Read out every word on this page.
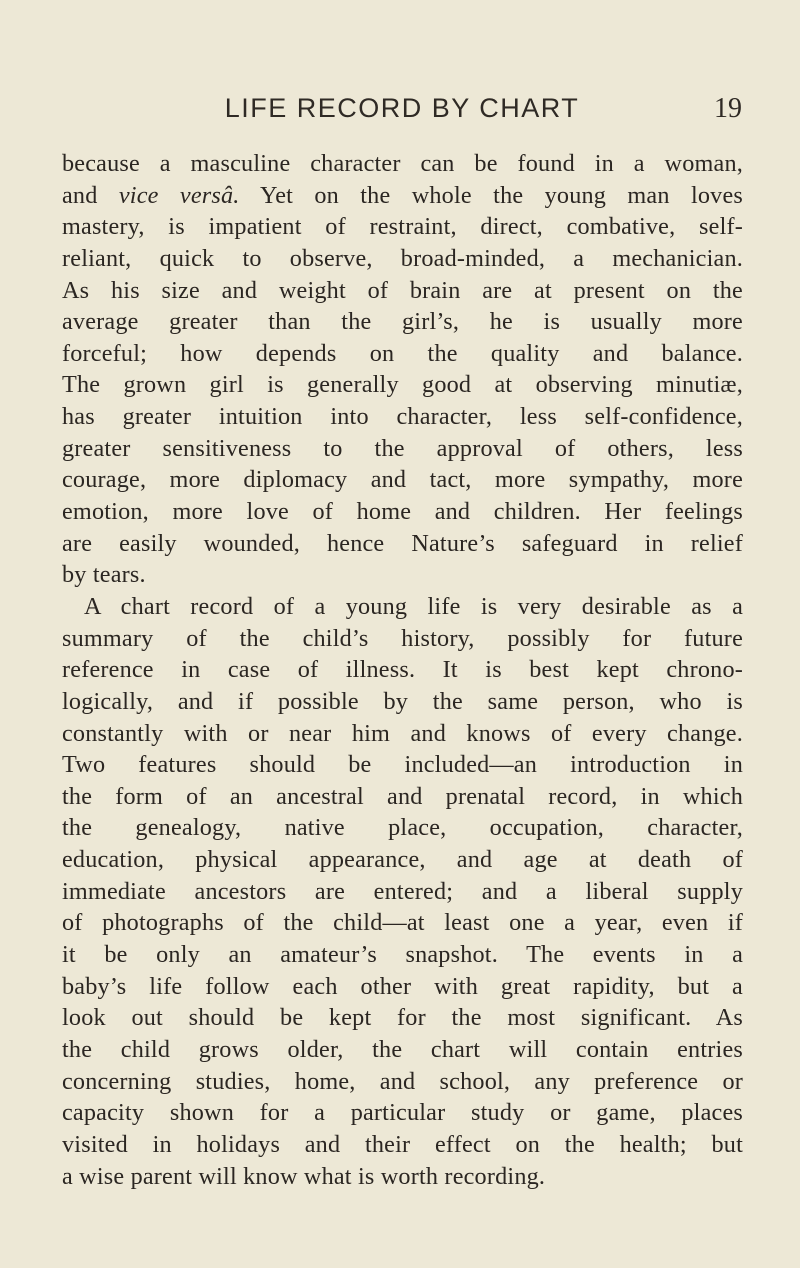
LIFE RECORD BY CHART	19
because a masculine character can be found in a woman,
and vice versâ. Yet on the whole the young man loves
mastery, is impatient of restraint, direct, combative, self-
reliant, quick to observe, broad-minded, a mechanician.
As his size and weight of brain are at present on the
average greater than the girl’s, he is usually more
forceful; how depends on the quality and balance.
The grown girl is generally good at observing minutiæ,
has greater intuition into character, less self-confidence,
greater sensitiveness to the approval of others, less
courage, more diplomacy and tact, more sympathy, more
emotion, more love of home and children. Her feelings
are easily wounded, hence Nature’s safeguard in relief
by tears.
A chart record of a young life is very desirable as a
summary of the child’s history, possibly for future
reference in case of illness. It is best kept chrono-
logically, and if possible by the same person, who is
constantly with or near him and knows of every change.
Two features should be included—an introduction in
the form of an ancestral and prenatal record, in which
the genealogy, native place, occupation, character,
education, physical appearance, and age at death of
immediate ancestors are entered; and a liberal supply
of photographs of the child—at least one a year, even if
it be only an amateur’s snapshot. The events in a
baby’s life follow each other with great rapidity, but a
look out should be kept for the most significant. As
the child grows older, the chart will contain entries
concerning studies, home, and school, any preference or
capacity shown for a particular study or game, places
visited in holidays and their effect on the health; but
a wise parent will know what is worth recording.
